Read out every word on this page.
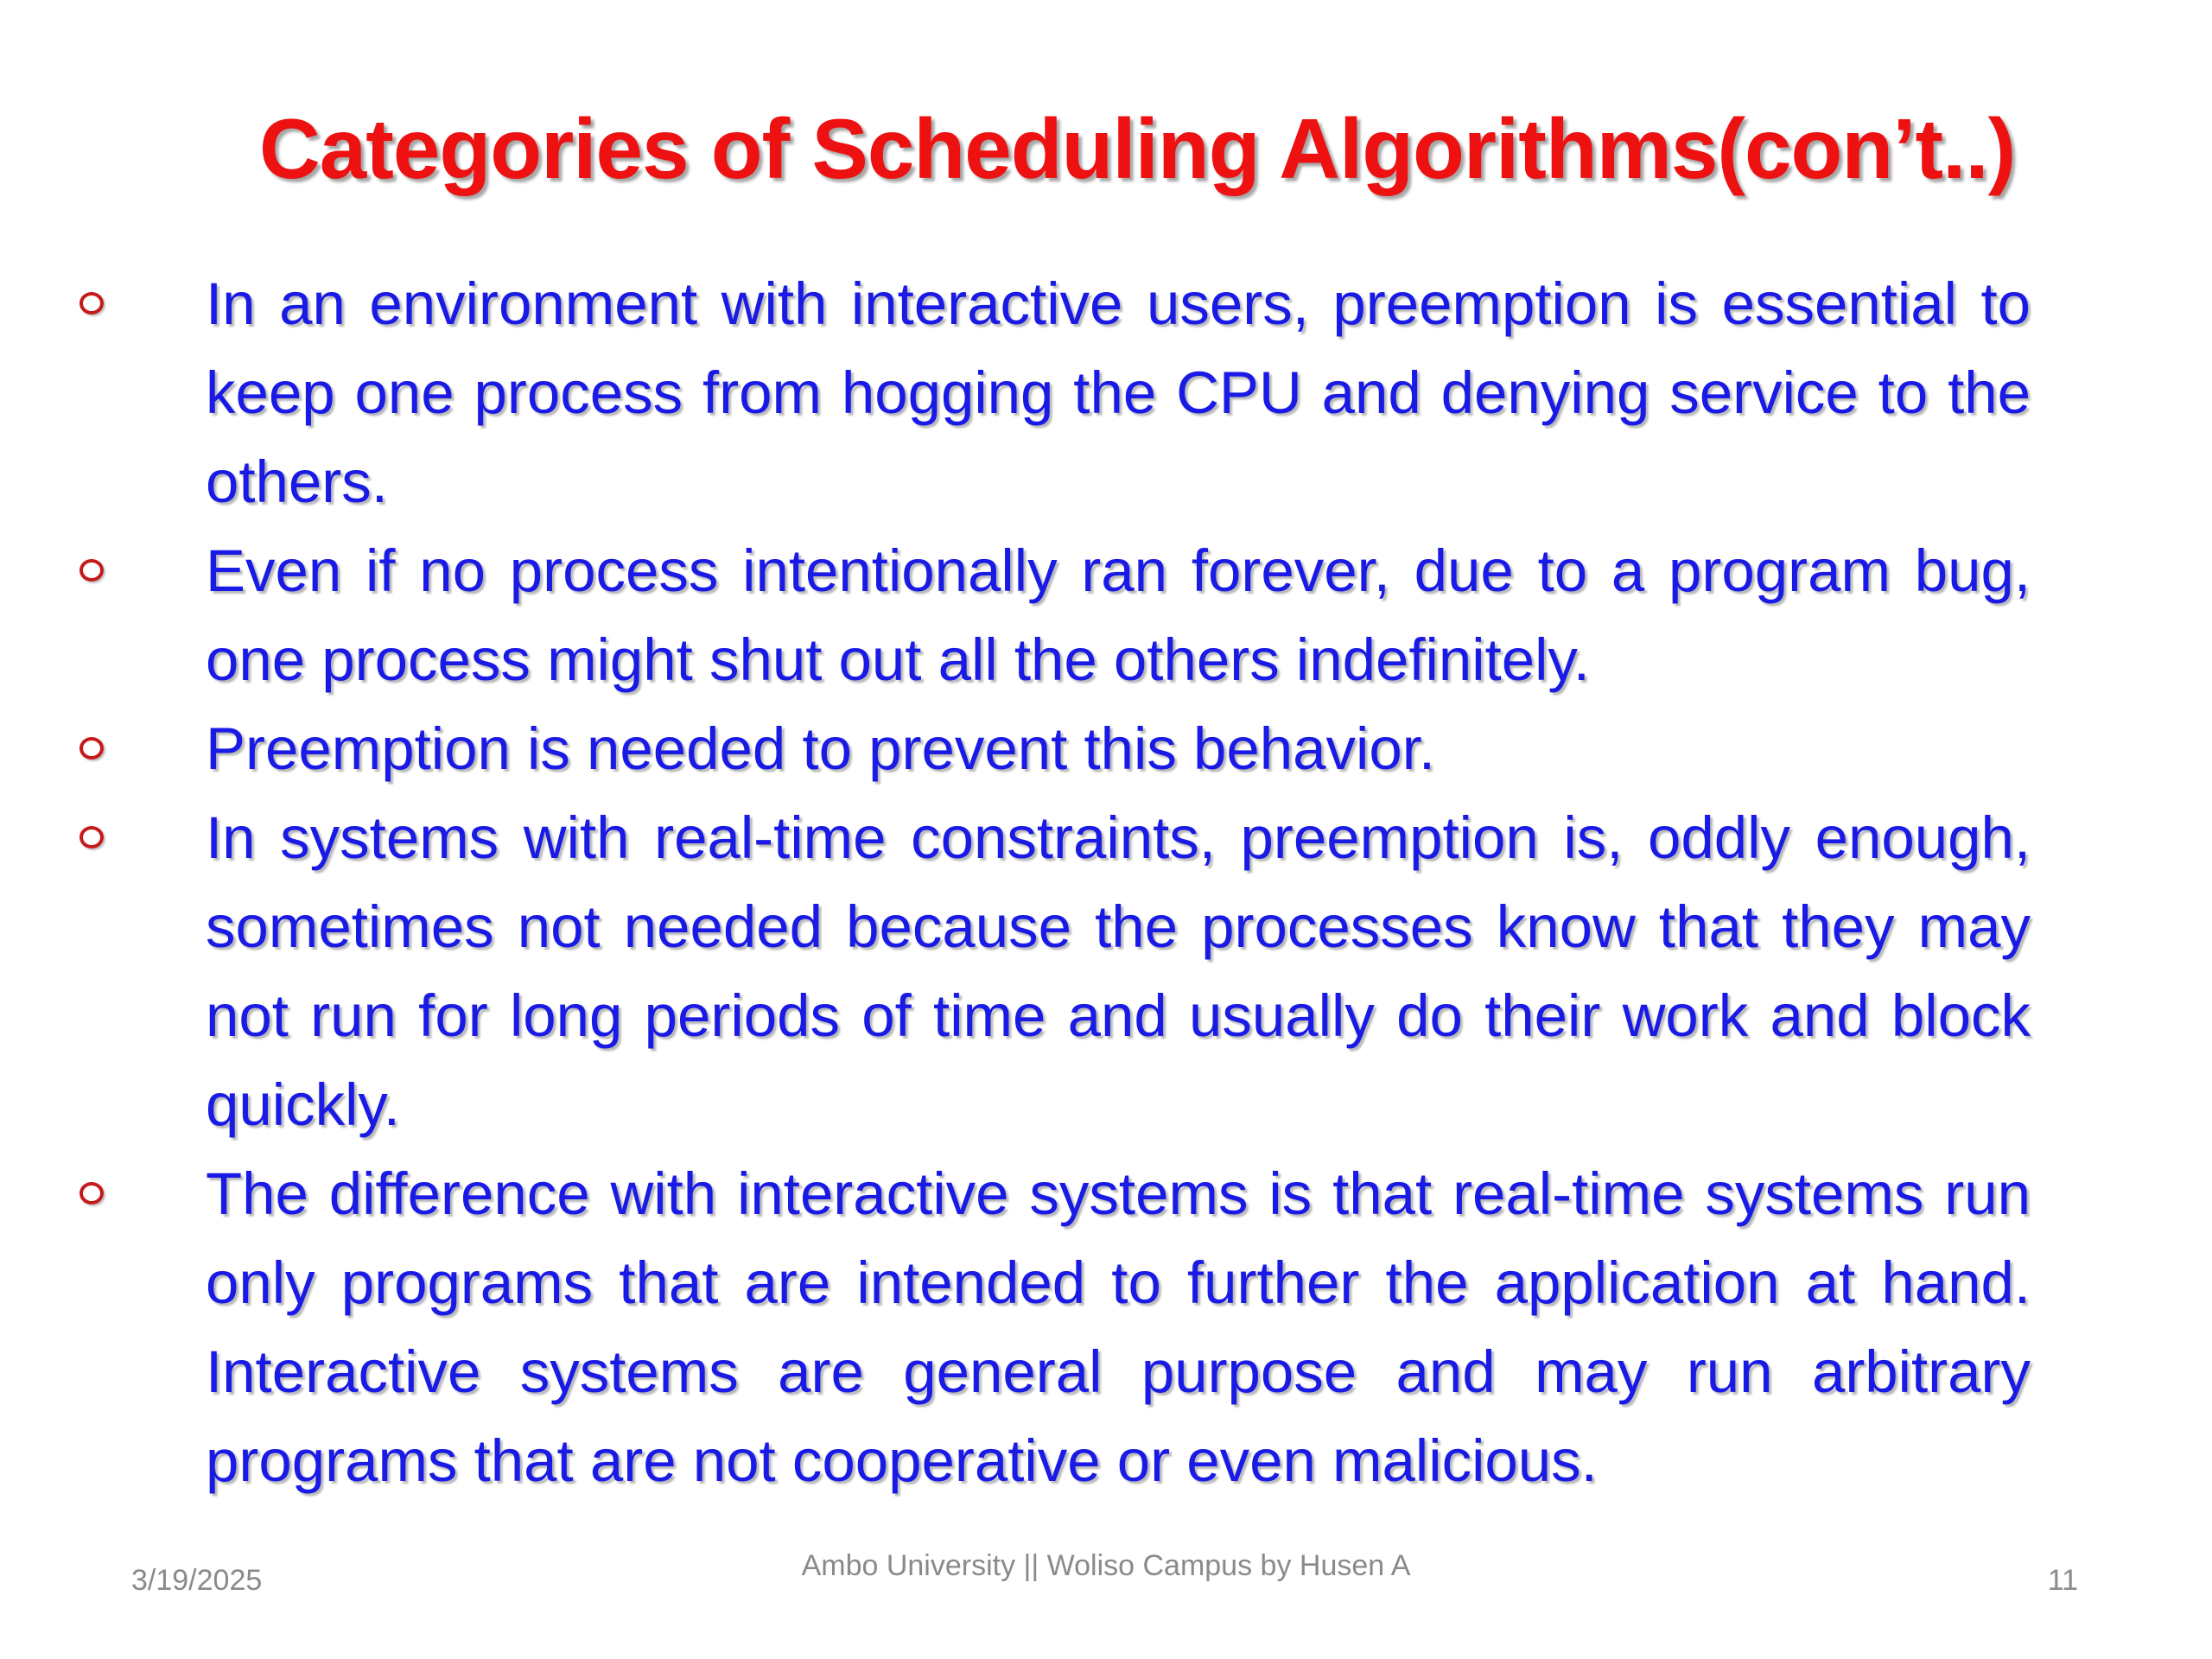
Categories of Scheduling Algorithms(con’t..)
In an environment with interactive users, preemption is essential to keep one process from hogging the CPU and denying service to the others.
Even if no process intentionally ran forever, due to a program bug, one process might shut out all the others indefinitely.
Preemption is needed to prevent this behavior.
In systems with real-time constraints, preemption is, oddly enough, sometimes not needed because the processes know that they may not run for long periods of time and usually do their work and block quickly.
The difference with interactive systems is that real-time systems run only programs that are intended to further the application at hand. Interactive systems are general purpose and may run arbitrary programs that are not cooperative or even malicious.
3/19/2025	Ambo University || Woliso Campus by Husen A	11
